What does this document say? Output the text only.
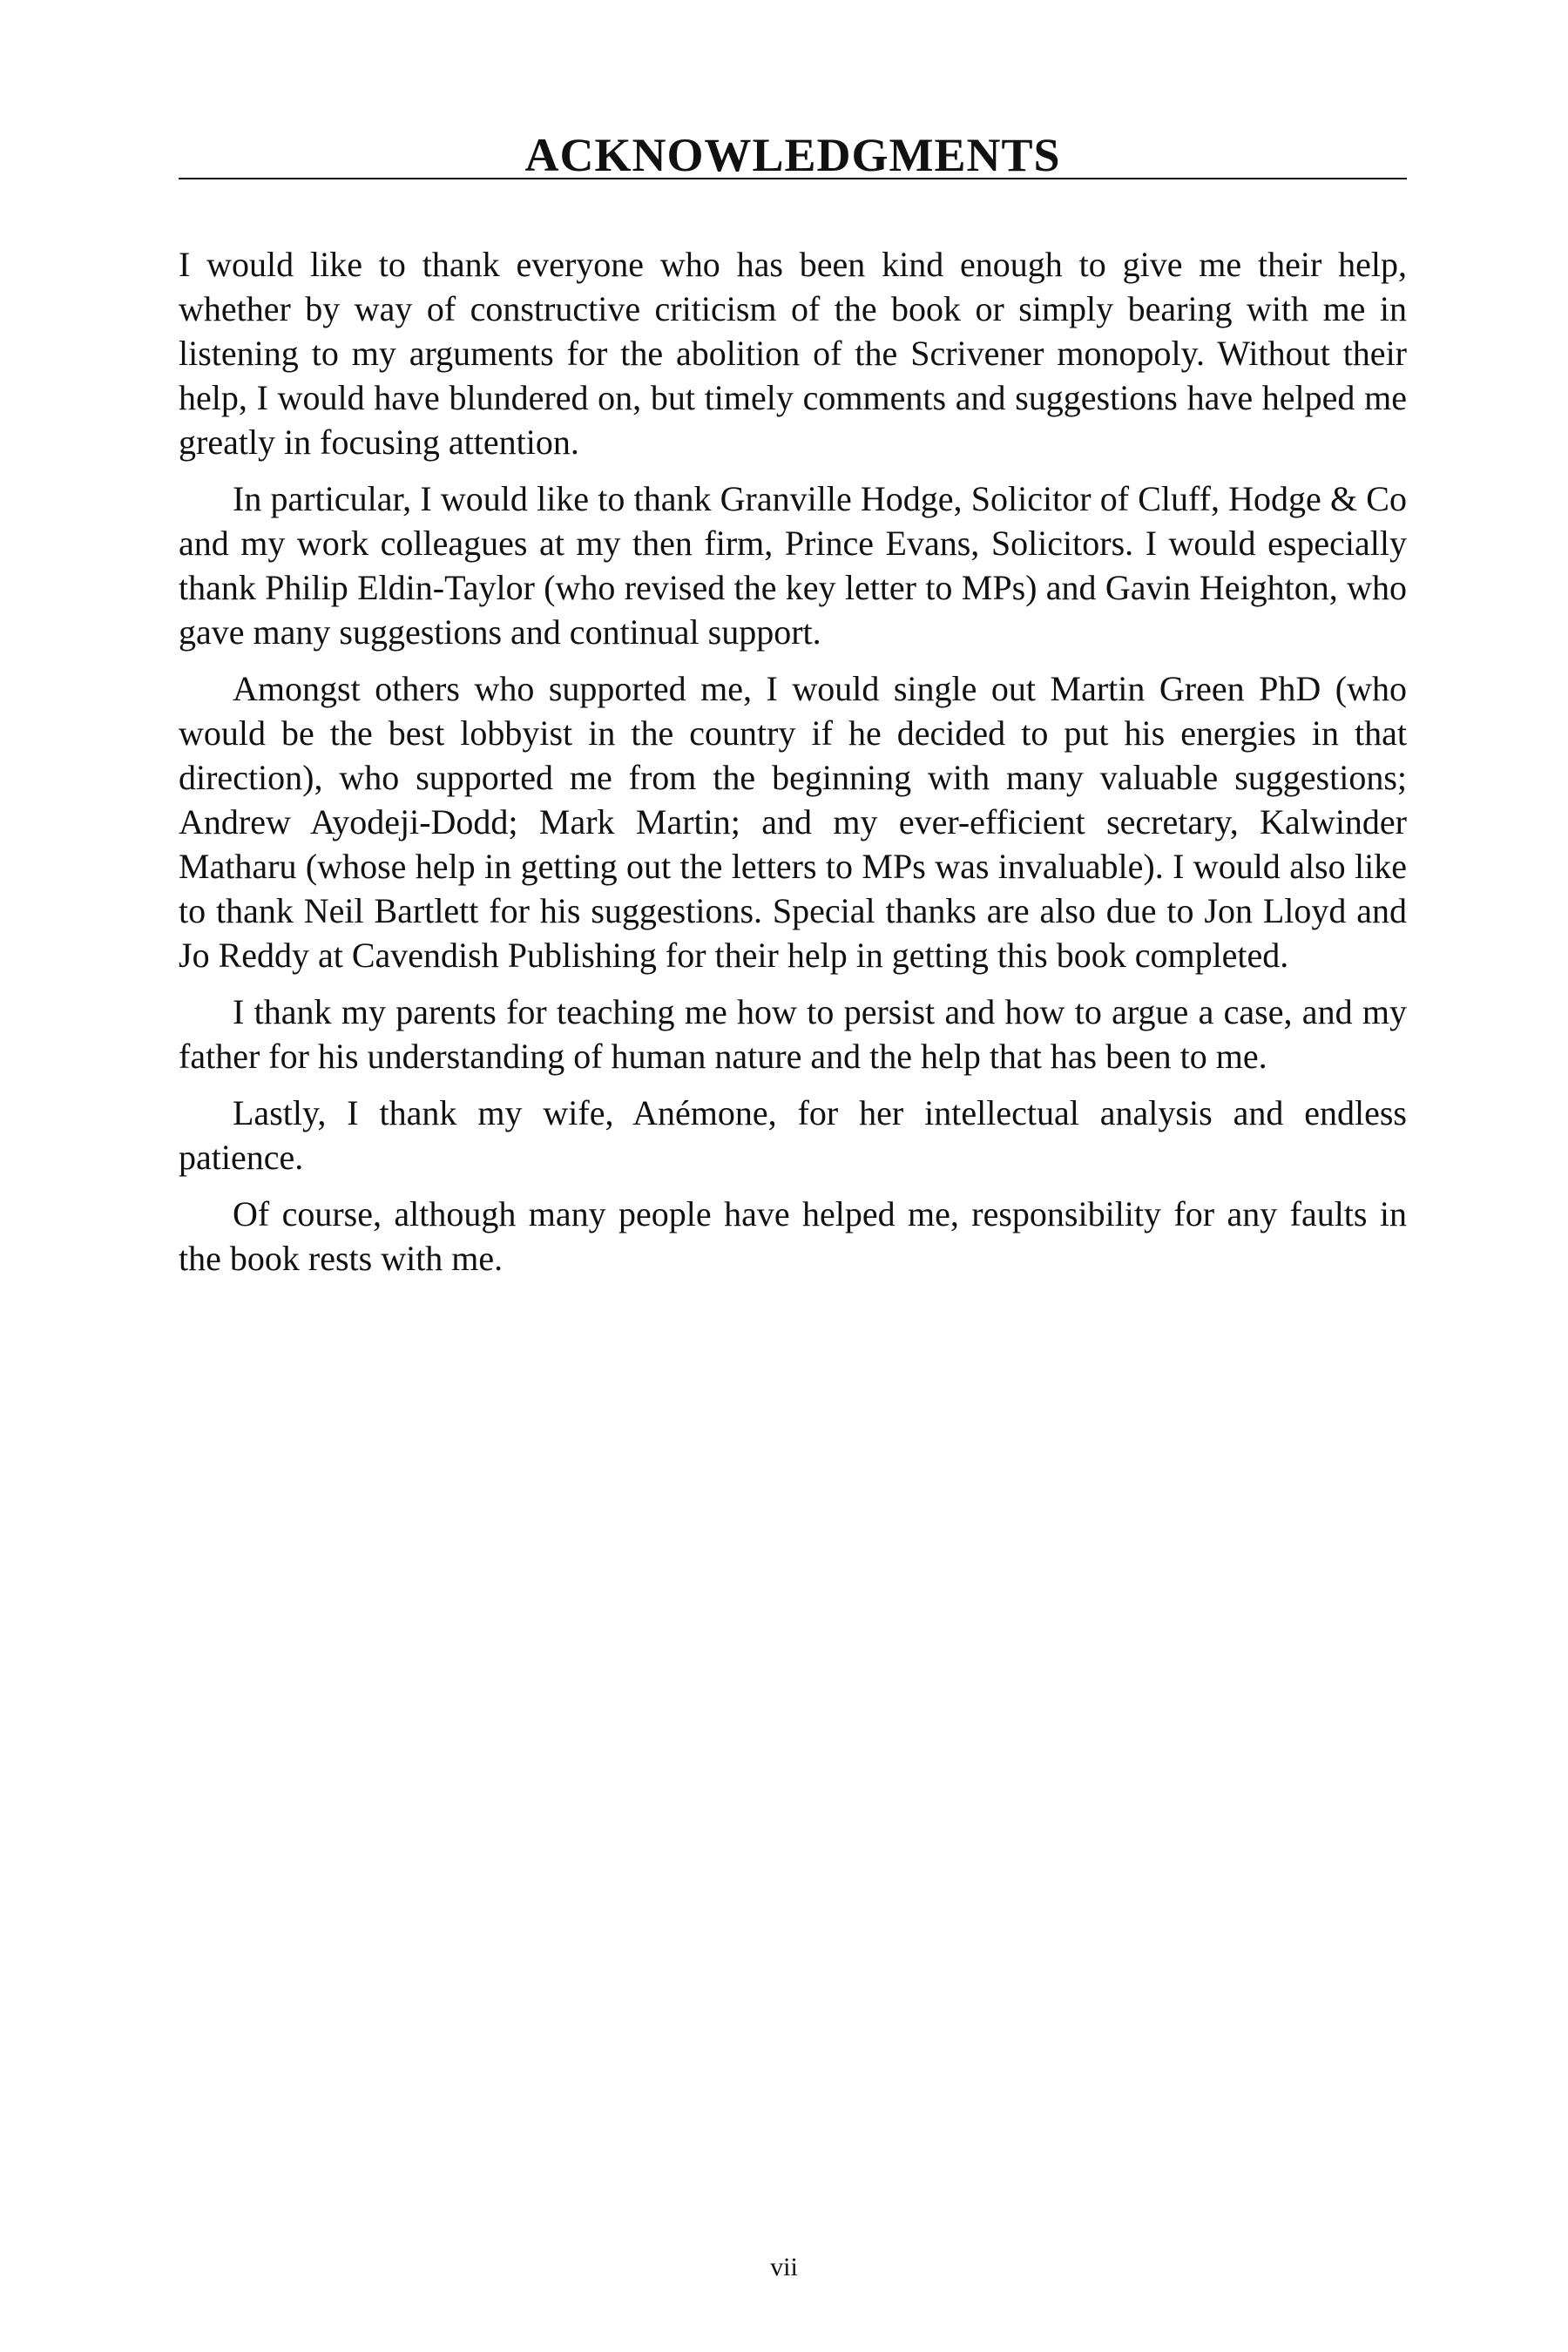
ACKNOWLEDGMENTS

I would like to thank everyone who has been kind enough to give me their help, whether by way of constructive criticism of the book or simply bearing with me in listening to my arguments for the abolition of the Scrivener monopoly. Without their help, I would have blundered on, but timely comments and suggestions have helped me greatly in focusing attention.

In particular, I would like to thank Granville Hodge, Solicitor of Cluff, Hodge & Co and my work colleagues at my then firm, Prince Evans, Solicitors. I would especially thank Philip Eldin-Taylor (who revised the key letter to MPs) and Gavin Heighton, who gave many suggestions and continual support.

Amongst others who supported me, I would single out Martin Green PhD (who would be the best lobbyist in the country if he decided to put his energies in that direction), who supported me from the beginning with many valuable suggestions; Andrew Ayodeji-Dodd; Mark Martin; and my ever-efficient secretary, Kalwinder Matharu (whose help in getting out the letters to MPs was invaluable). I would also like to thank Neil Bartlett for his suggestions. Special thanks are also due to Jon Lloyd and Jo Reddy at Cavendish Publishing for their help in getting this book completed.

I thank my parents for teaching me how to persist and how to argue a case, and my father for his understanding of human nature and the help that has been to me.

Lastly, I thank my wife, Anémone, for her intellectual analysis and endless patience.

Of course, although many people have helped me, responsibility for any faults in the book rests with me.

vii
